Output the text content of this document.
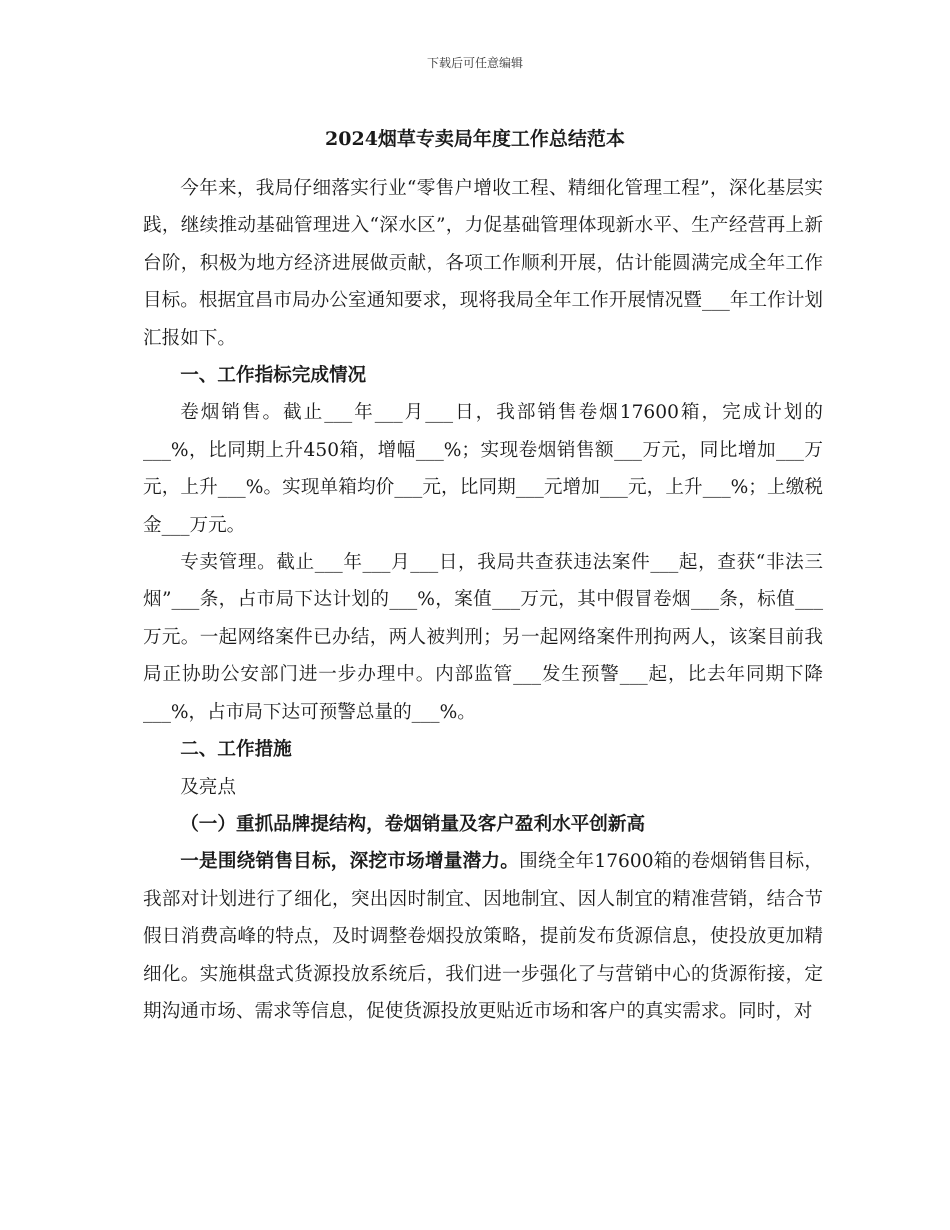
下载后可任意编辑
2024烟草专卖局年度工作总结范本

今年来，我局仔细落实行业“零售户增收工程、精细化管理工程”，深化基层实践，继续推动基础管理进入“深水区”，力促基础管理体现新水平、生产经营再上新台阶，积极为地方经济进展做贡献，各项工作顺利开展，估计能圆满完成全年工作目标。根据宜昌市局办公室通知要求，现将我局全年工作开展情况暨___年工作计划汇报如下。

一、工作指标完成情况

卷烟销售。截止___年___月___日，我部销售卷烟17600箱，完成计划的___%，比同期上升450箱，增幅___%；实现卷烟销售额___万元，同比增加___万元，上升___%。实现单箱均价___元，比同期___元增加___元，上升___%；上缴税金___万元。

专卖管理。截止___年___月___日，我局共查获违法案件___起，查获“非法三烟”___条，占市局下达计划的___%，案值___万元，其中假冒卷烟___条，标值___万元。一起网络案件已办结，两人被判刑；另一起网络案件刑拘两人，该案目前我局正协助公安部门进一步办理中。内部监管___发生预警___起，比去年同期下降___%，占市局下达可预警总量的___%。

二、工作措施

及亮点

（一）重抓品牌提结构，卷烟销量及客户盈利水平创新高

一是围绕销售目标，深挖市场增量潜力。围绕全年17600箱的卷烟销售目标，我部对计划进行了细化，突出因时制宜、因地制宜、因人制宜的精准营销，结合节假日消费高峰的特点，及时调整卷烟投放策略，提前发布货源信息，使投放更加精细化。实施棋盘式货源投放系统后，我们进一步强化了与营销中心的货源衔接，定期沟通市场、需求等信息，促使货源投放更贴近市场和客户的真实需求。同时，对
